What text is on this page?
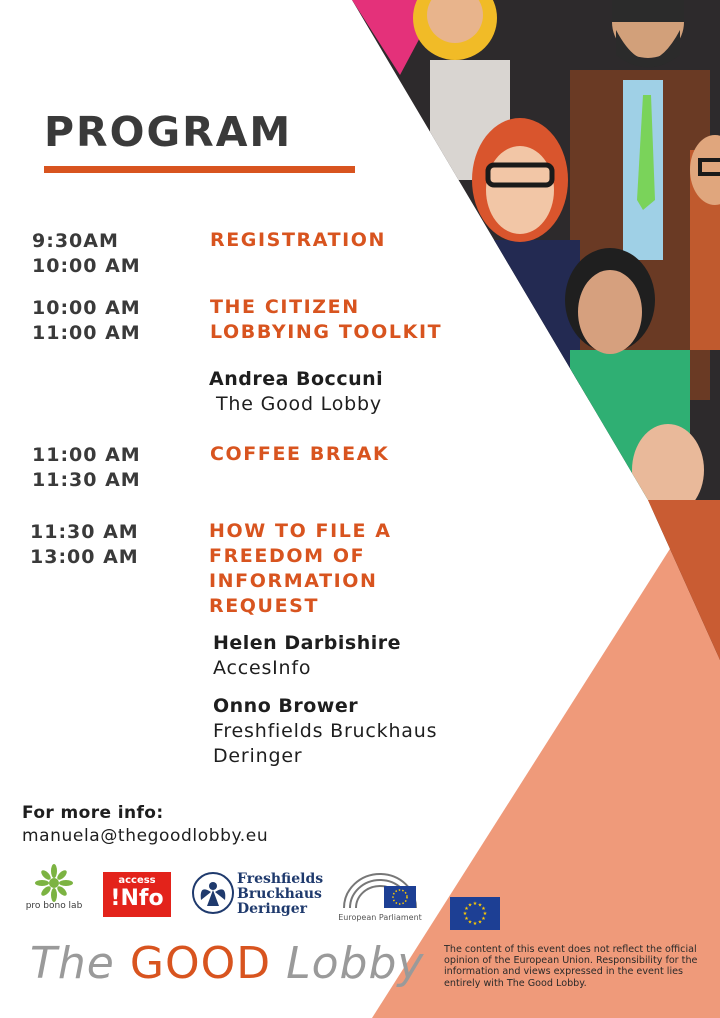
PROGRAM
9:30AM
10:00 AM
REGISTRATION
10:00 AM
11:00 AM
THE CITIZEN
LOBBYING TOOLKIT
Andrea Boccuni
The Good Lobby
11:00 AM
11:30 AM
COFFEE BREAK
11:30 AM
13:00 AM
HOW TO FILE A
FREEDOM OF
INFORMATION
REQUEST
Helen Darbishire
AccesInfo
Onno Brower
Freshfields Bruckhaus
Deringer
For more info:
manuela@thegoodlobby.eu
pro bono lab
access
!Nfo
Freshfields
Bruckhaus
Deringer
European Parliament
★ ★
★
★
★
★
★
★
★
★
★
★
The content of this event does not reflect the official opinion of the European Union. Responsibility for the information and views expressed in the event lies entirely with The Good Lobby.
The GOOD Lobby
